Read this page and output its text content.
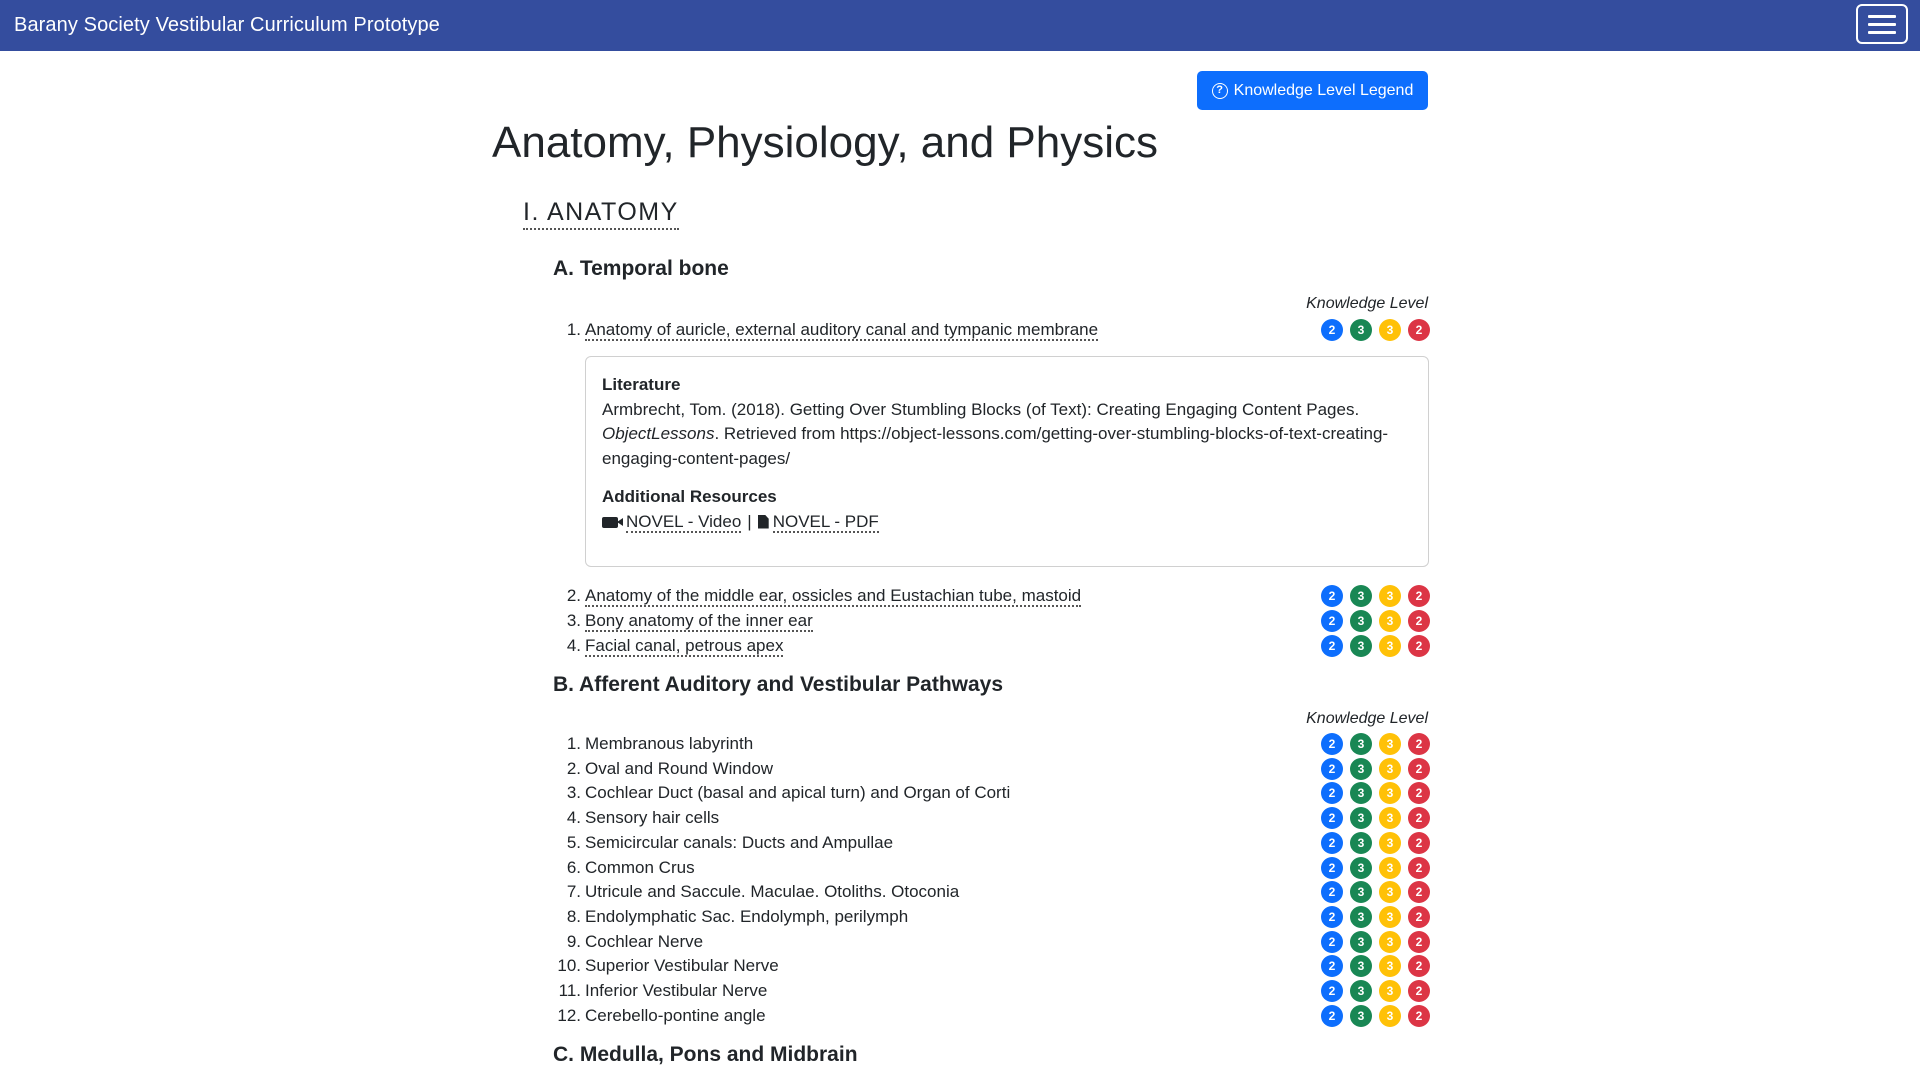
Barany Society Vestibular Curriculum Prototype
? Knowledge Level Legend
Anatomy, Physiology, and Physics
I. ANATOMY
A. Temporal bone
Knowledge Level
1. Anatomy of auricle, external auditory canal and tympanic membrane	2	3	3	2
Literature
Armbrecht, Tom. (2018). Getting Over Stumbling Blocks (of Text): Creating Engaging Content Pages.
ObjectLessons. Retrieved from https://object-lessons.com/getting-over-stumbling-blocks-of-text-creating-engaging-content-pages/
Additional Resources
NOVEL - Video | NOVEL - PDF
2. Anatomy of the middle ear, ossicles and Eustachian tube, mastoid	2	3	3	2
3. Bony anatomy of the inner ear	2	3	3	2
4. Facial canal, petrous apex	2	3	3	2
B. Afferent Auditory and Vestibular Pathways
Knowledge Level
1. Membranous labyrinth	2	3	3	2
2. Oval and Round Window	2	3	3	2
3. Cochlear Duct (basal and apical turn) and Organ of Corti	2	3	3	2
4. Sensory hair cells	2	3	3	2
5. Semicircular canals: Ducts and Ampullae	2	3	3	2
6. Common Crus	2	3	3	2
7. Utricule and Saccule. Maculae. Otoliths. Otoconia	2	3	3	2
8. Endolymphatic Sac. Endolymph, perilymph	2	3	3	2
9. Cochlear Nerve	2	3	3	2
10. Superior Vestibular Nerve	2	3	3	2
11. Inferior Vestibular Nerve	2	3	3	2
12. Cerebello-pontine angle	2	3	3	2
C. Medulla, Pons and Midbrain
